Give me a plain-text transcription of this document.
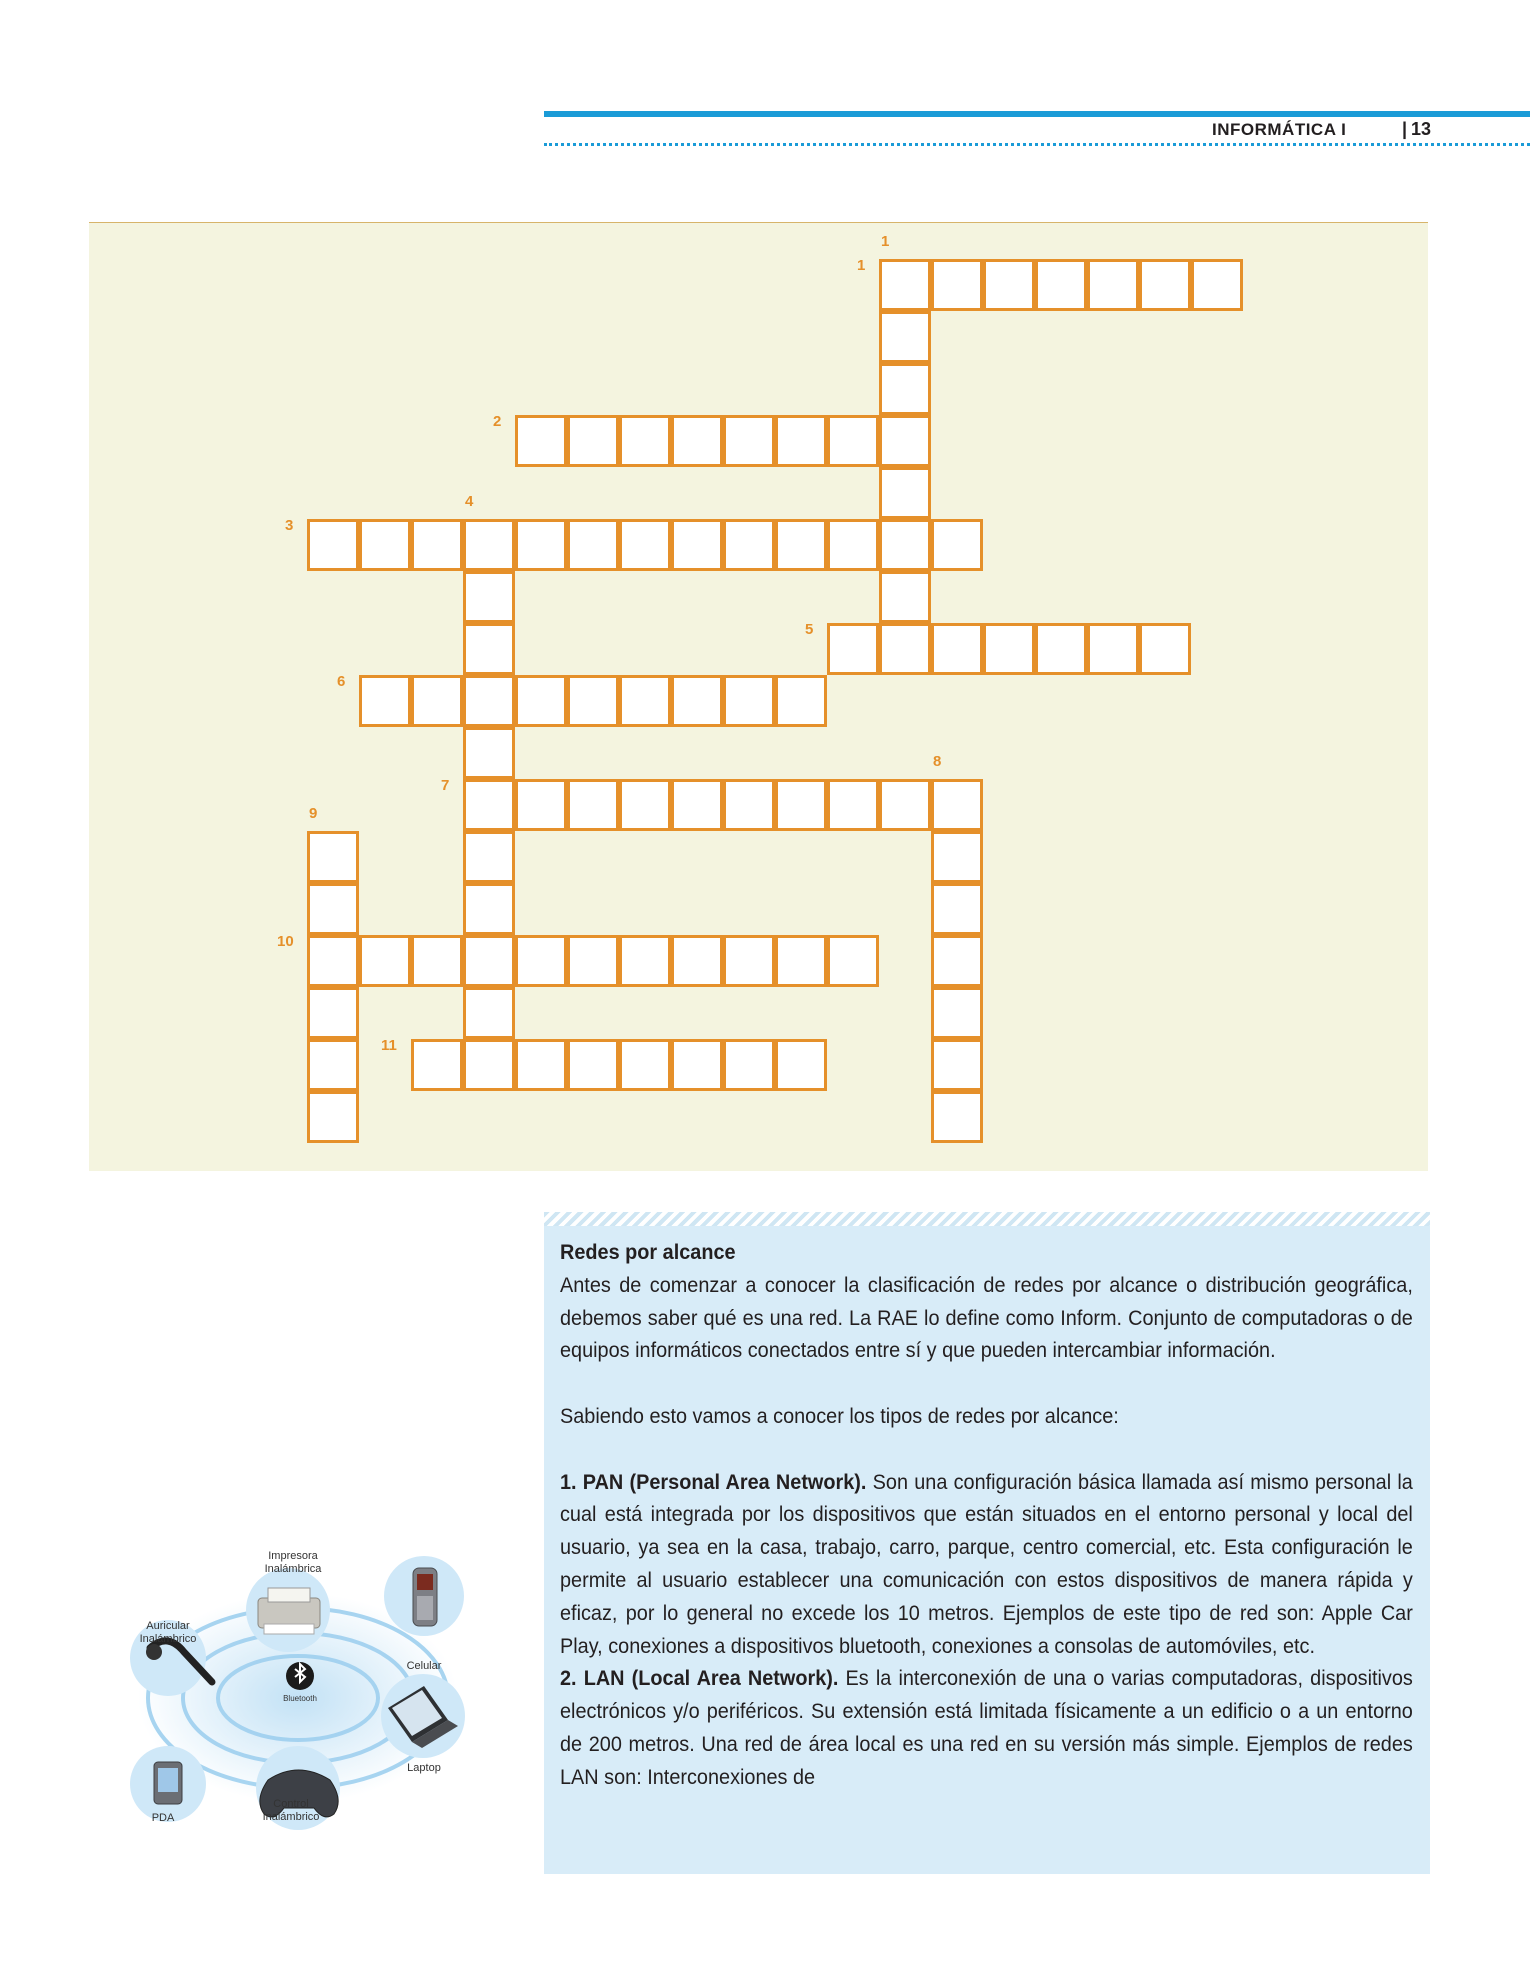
INFORMÁTICA I	| 13
1
1
2
3
4
5
6
7
8
9
10
11

Redes por alcance

Antes de comenzar a conocer la clasificación de redes por alcance o distribución geográfica, debemos saber qué es una red. La RAE lo define como Inform. Conjunto de computadoras o de equipos informáticos conectados entre sí y que pueden intercambiar información.

Sabiendo esto vamos a conocer los tipos de redes por alcance:

1. PAN (Personal Area Network). Son una configuración básica llamada así mismo personal la cual está integrada por los dispositivos que están situados en el entorno personal y local del usuario, ya sea en la casa, trabajo, carro, parque, centro comercial, etc. Esta configuración le permite al usuario establecer una comunicación con estos dispositivos de manera rápida y eficaz, por lo general no excede los 10 metros. Ejemplos de este tipo de red son: Apple Car Play, conexiones a dispositivos bluetooth, conexiones a consolas de automóviles, etc.

2. LAN (Local Area Network). Es la interconexión de una o varias computadoras, dispositivos electrónicos y/o periféricos. Su extensión está limitada físicamente a un edificio o a un entorno de 200 metros. Una red de área local es una red en su versión más simple. Ejemplos de redes LAN son: Interconexiones de

Impresora
Inalámbrica
Auricular
Inalámbrico
Celular
Bluetooth
Laptop
PDA
Control
Inalámbrico
